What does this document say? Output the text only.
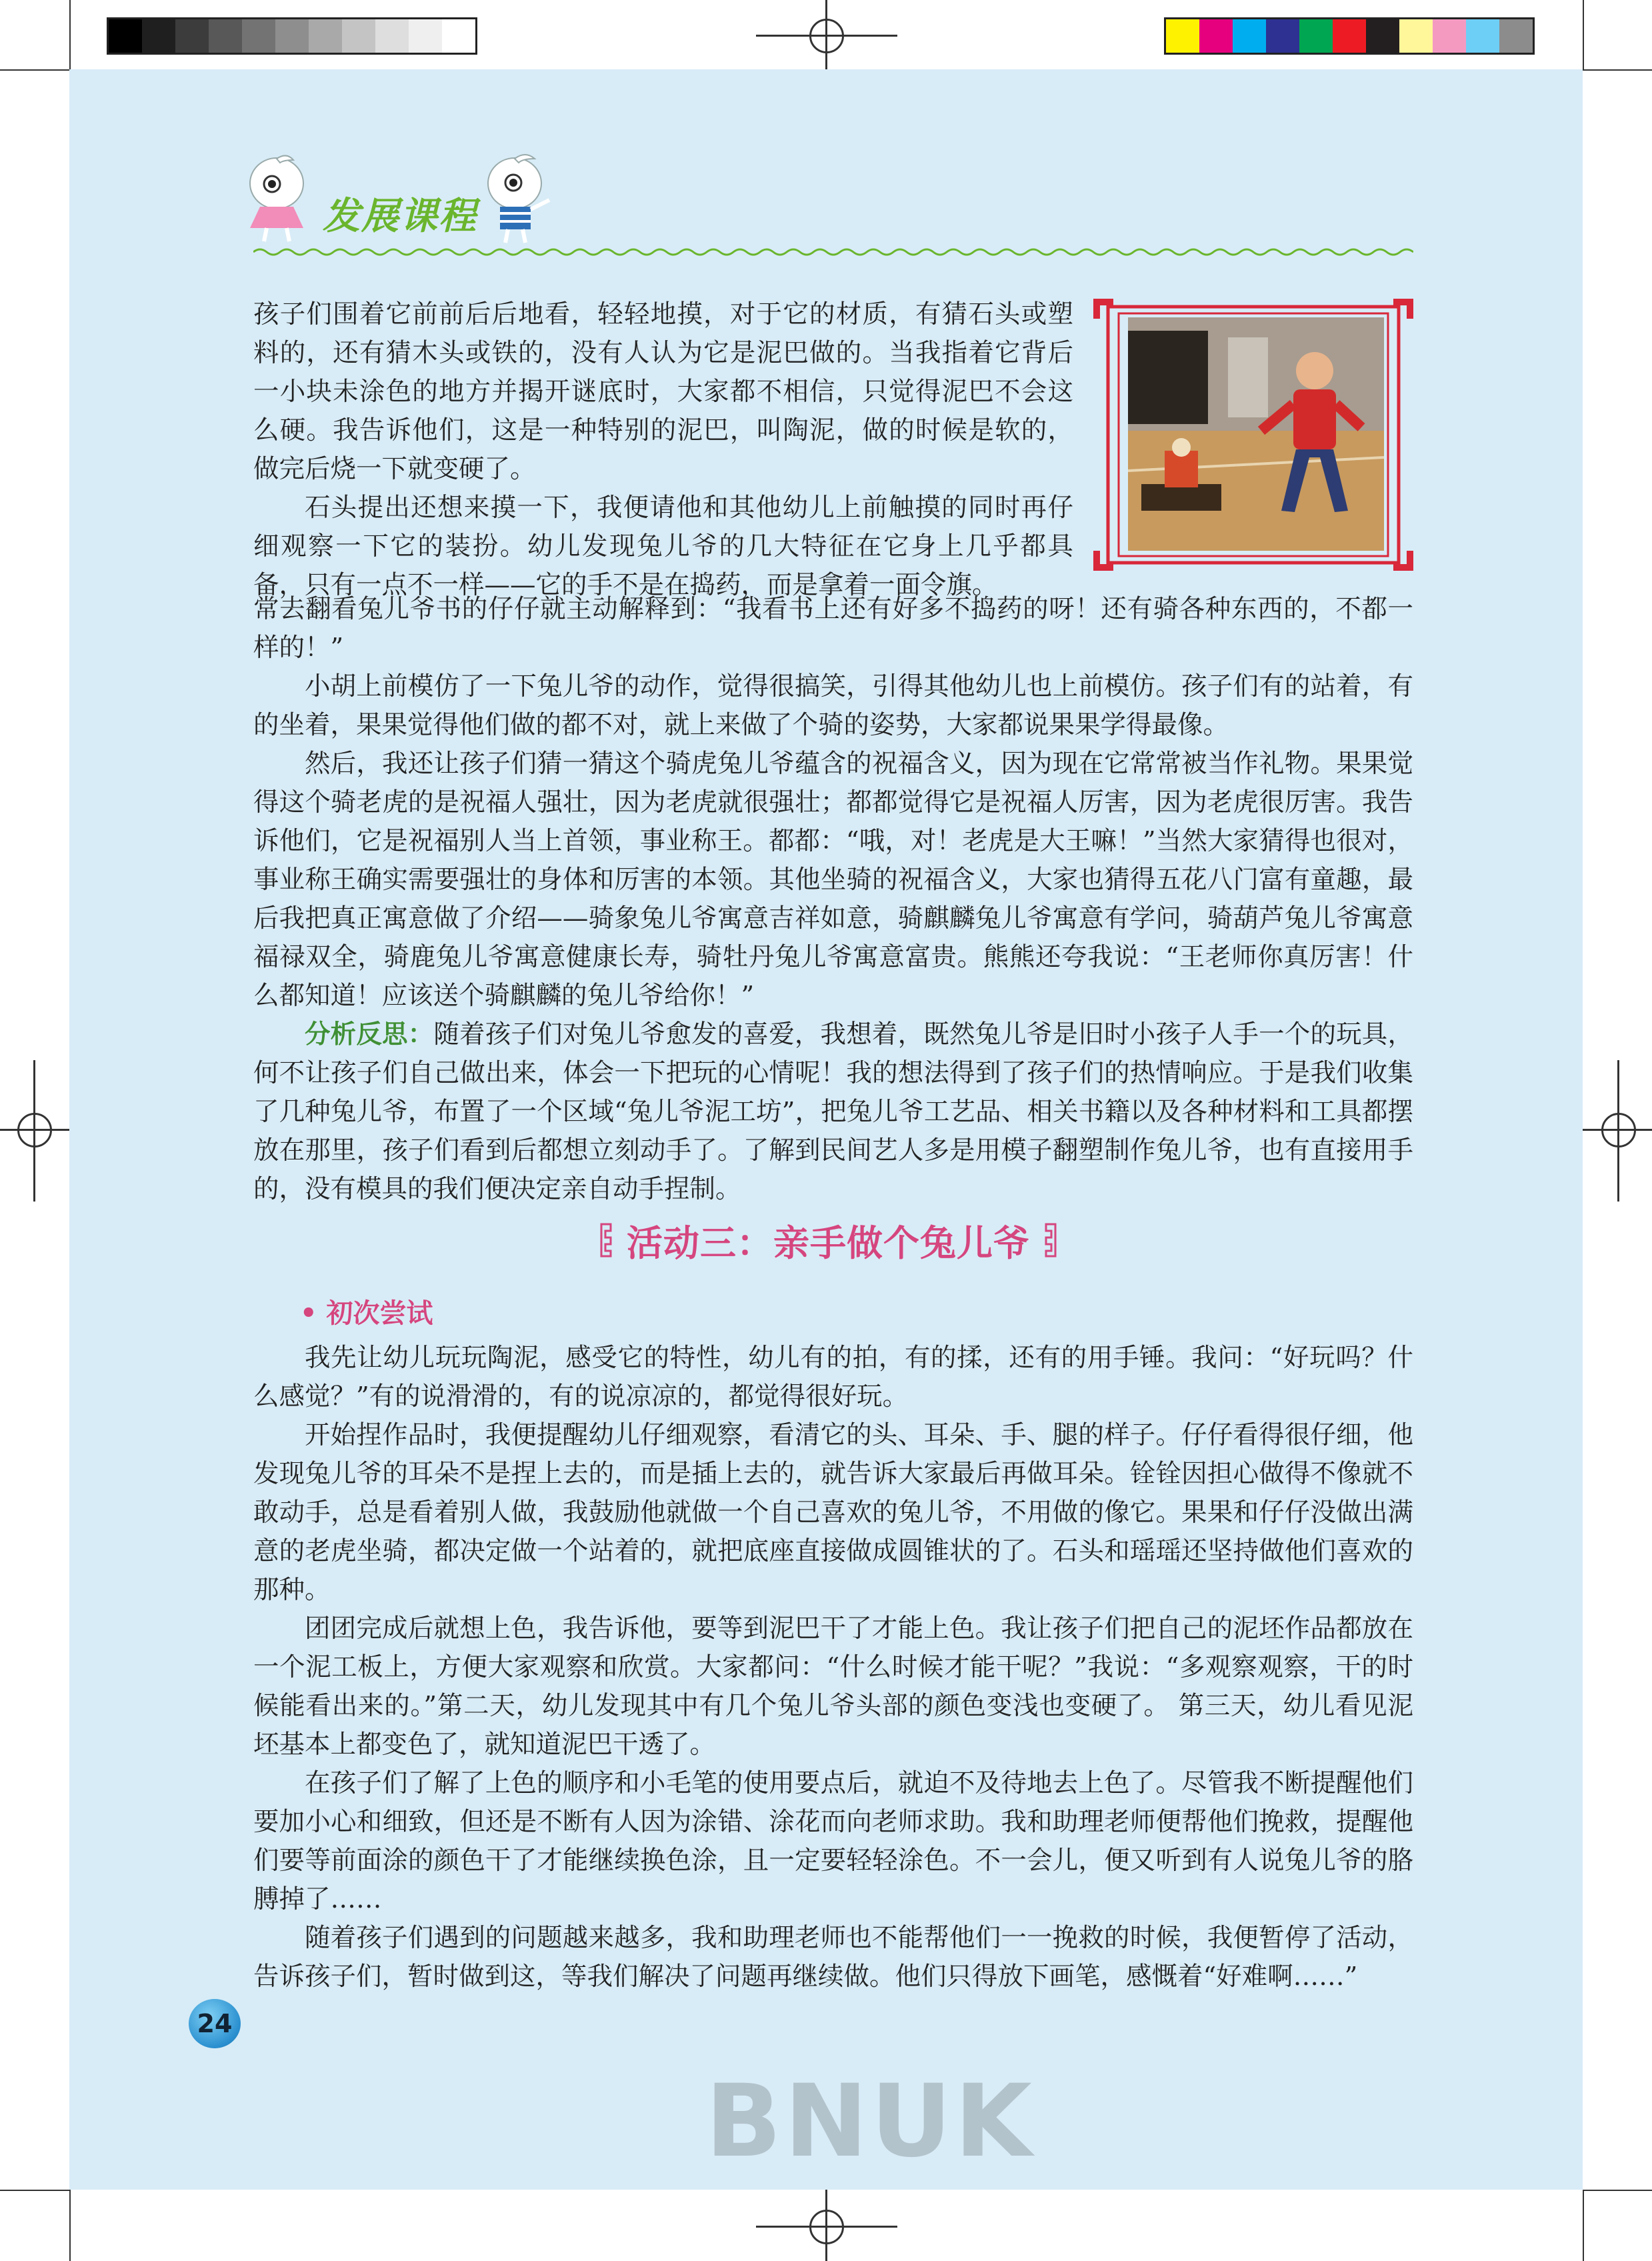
发展课程

孩子们围着它前前后后地看，轻轻地摸，对于它的材质，有猜石头或塑料的，还有猜木头或铁的，没有人认为它是泥巴做的。当我指着它背后一小块未涂色的地方并揭开谜底时，大家都不相信，只觉得泥巴不会这么硬。我告诉他们，这是一种特别的泥巴，叫陶泥，做的时候是软的，做完后烧一下就变硬了。

石头提出还想来摸一下，我便请他和其他幼儿上前触摸的同时再仔细观察一下它的装扮。幼儿发现兔儿爷的几大特征在它身上几乎都具备，只有一点不一样——它的手不是在捣药，而是拿着一面令旗。

常去翻看兔儿爷书的仔仔就主动解释到：“我看书上还有好多不捣药的呀！还有骑各种东西的，不都一样的！”

小胡上前模仿了一下兔儿爷的动作，觉得很搞笑，引得其他幼儿也上前模仿。孩子们有的站着，有的坐着，果果觉得他们做的都不对，就上来做了个骑的姿势，大家都说果果学得最像。

然后，我还让孩子们猜一猜这个骑虎兔儿爷蕴含的祝福含义，因为现在它常常被当作礼物。果果觉得这个骑老虎的是祝福人强壮，因为老虎就很强壮；都都觉得它是祝福人厉害，因为老虎很厉害。我告诉他们，它是祝福别人当上首领，事业称王。都都：“哦，对！老虎是大王嘛！”当然大家猜得也很对，事业称王确实需要强壮的身体和厉害的本领。其他坐骑的祝福含义，大家也猜得五花八门富有童趣，最后我把真正寓意做了介绍——骑象兔儿爷寓意吉祥如意，骑麒麟兔儿爷寓意有学问，骑葫芦兔儿爷寓意福禄双全，骑鹿兔儿爷寓意健康长寿，骑牡丹兔儿爷寓意富贵。熊熊还夸我说：“王老师你真厉害！什么都知道！应该送个骑麒麟的兔儿爷给你！”

分析反思：随着孩子们对兔儿爷愈发的喜爱，我想着，既然兔儿爷是旧时小孩子人手一个的玩具，何不让孩子们自己做出来，体会一下把玩的心情呢！我的想法得到了孩子们的热情响应。于是我们收集了几种兔儿爷，布置了一个区域“兔儿爷泥工坊”，把兔儿爷工艺品、相关书籍以及各种材料和工具都摆放在那里，孩子们看到后都想立刻动手了。了解到民间艺人多是用模子翻塑制作兔儿爷，也有直接用手的，没有模具的我们便决定亲自动手捏制。

活动三：亲手做个兔儿爷
• 初次尝试

我先让幼儿玩玩陶泥，感受它的特性，幼儿有的拍，有的揉，还有的用手锤。我问：“好玩吗？什么感觉？”有的说滑滑的，有的说凉凉的，都觉得很好玩。

开始捏作品时，我便提醒幼儿仔细观察，看清它的头、耳朵、手、腿的样子。仔仔看得很仔细，他发现兔儿爷的耳朵不是捏上去的，而是插上去的，就告诉大家最后再做耳朵。铨铨因担心做得不像就不敢动手，总是看着别人做，我鼓励他就做一个自己喜欢的兔儿爷，不用做的像它。果果和仔仔没做出满意的老虎坐骑，都决定做一个站着的，就把底座直接做成圆锥状的了。石头和瑶瑶还坚持做他们喜欢的那种。

团团完成后就想上色，我告诉他，要等到泥巴干了才能上色。我让孩子们把自己的泥坯作品都放在一个泥工板上，方便大家观察和欣赏。大家都问：“什么时候才能干呢？”我说：“多观察观察，干的时候能看出来的。”第二天，幼儿发现其中有几个兔儿爷头部的颜色变浅也变硬了。 第三天，幼儿看见泥坯基本上都变色了，就知道泥巴干透了。

在孩子们了解了上色的顺序和小毛笔的使用要点后，就迫不及待地去上色了。尽管我不断提醒他们要加小心和细致，但还是不断有人因为涂错、涂花而向老师求助。我和助理老师便帮他们挽救，提醒他们要等前面涂的颜色干了才能继续换色涂，且一定要轻轻涂色。不一会儿，便又听到有人说兔儿爷的胳膊掉了……

随着孩子们遇到的问题越来越多，我和助理老师也不能帮他们一一挽救的时候，我便暂停了活动，告诉孩子们，暂时做到这，等我们解决了问题再继续做。他们只得放下画笔，感慨着“好难啊……”

24
BNUK
